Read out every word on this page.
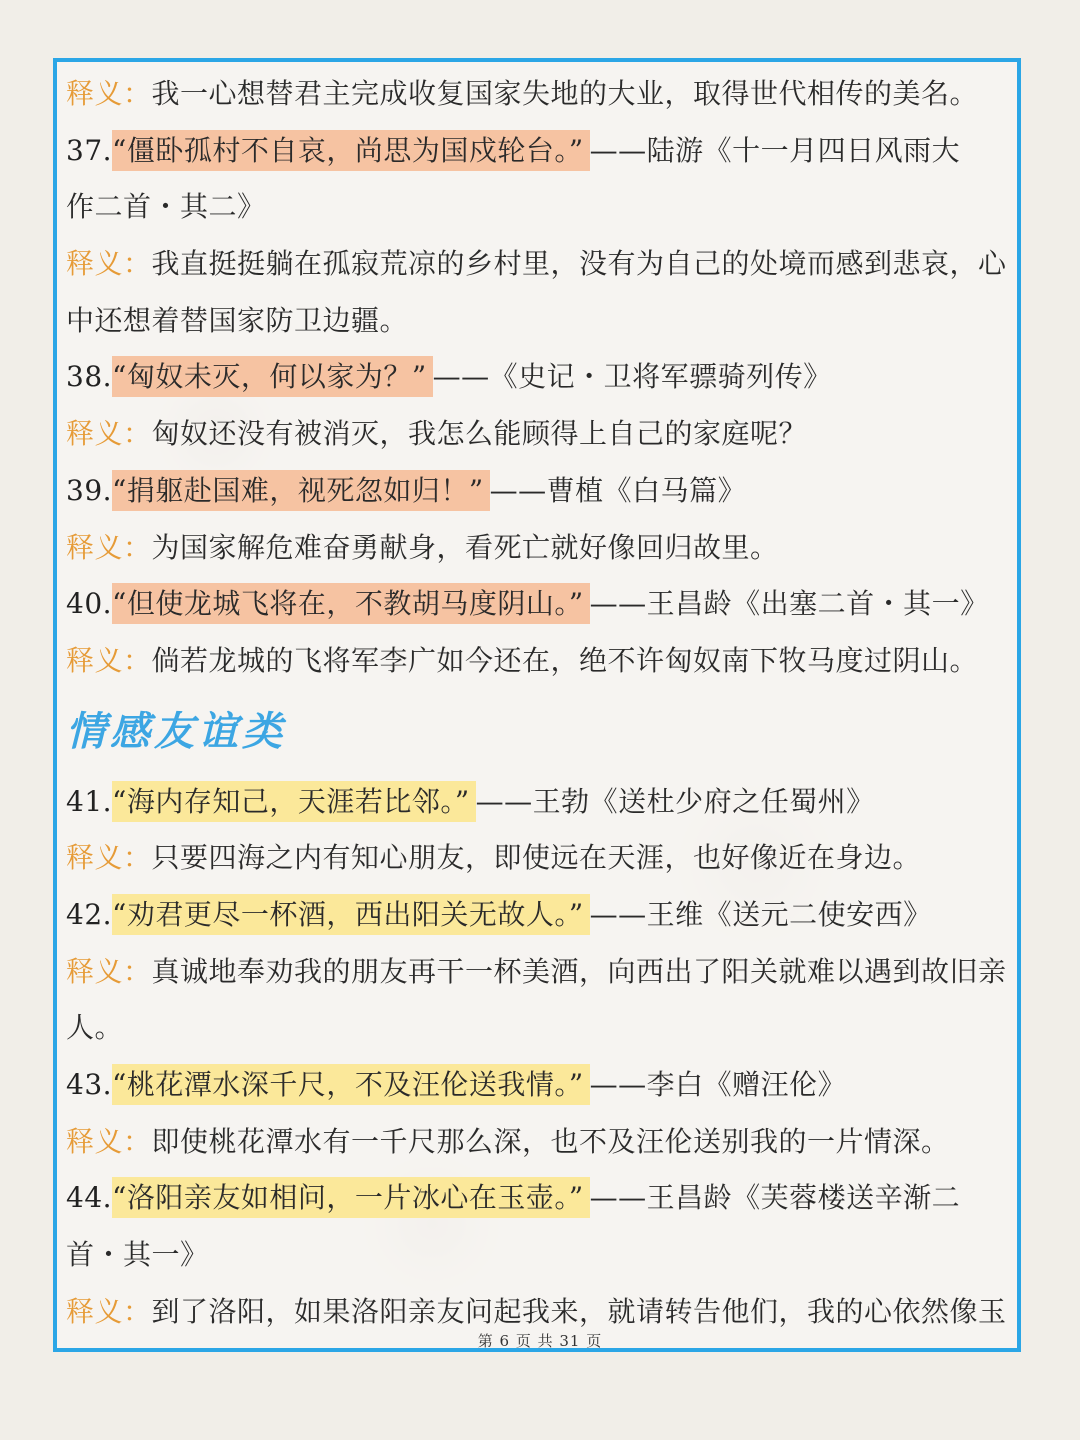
释义：我一心想替君主完成收复国家失地的大业，取得世代相传的美名。
37.“僵卧孤村不自哀，尚思为国戍轮台。” ——陆游《十一月四日风雨大
作二首・其二》
释义：我直挺挺躺在孤寂荒凉的乡村里，没有为自己的处境而感到悲哀，心
中还想着替国家防卫边疆。
38.“匈奴未灭，何以家为？” ——《史记・卫将军骠骑列传》
释义：匈奴还没有被消灭，我怎么能顾得上自己的家庭呢？
39.“捐躯赴国难，视死忽如归！” ——曹植《白马篇》
释义：为国家解危难奋勇献身，看死亡就好像回归故里。
40.“但使龙城飞将在，不教胡马度阴山。” ——王昌龄《出塞二首・其一》
释义：倘若龙城的飞将军李广如今还在，绝不许匈奴南下牧马度过阴山。
情感友谊类
41.“海内存知己，天涯若比邻。” ——王勃《送杜少府之任蜀州》
释义：只要四海之内有知心朋友，即使远在天涯，也好像近在身边。
42.“劝君更尽一杯酒，西出阳关无故人。” ——王维《送元二使安西》
释义：真诚地奉劝我的朋友再干一杯美酒，向西出了阳关就难以遇到故旧亲
人。
43.“桃花潭水深千尺，不及汪伦送我情。” ——李白《赠汪伦》
释义：即使桃花潭水有一千尺那么深，也不及汪伦送别我的一片情深。
44.“洛阳亲友如相问，一片冰心在玉壶。” ——王昌龄《芙蓉楼送辛渐二
首・其一》
释义：到了洛阳，如果洛阳亲友问起我来，就请转告他们，我的心依然像玉
第 6 页 共 31 页
